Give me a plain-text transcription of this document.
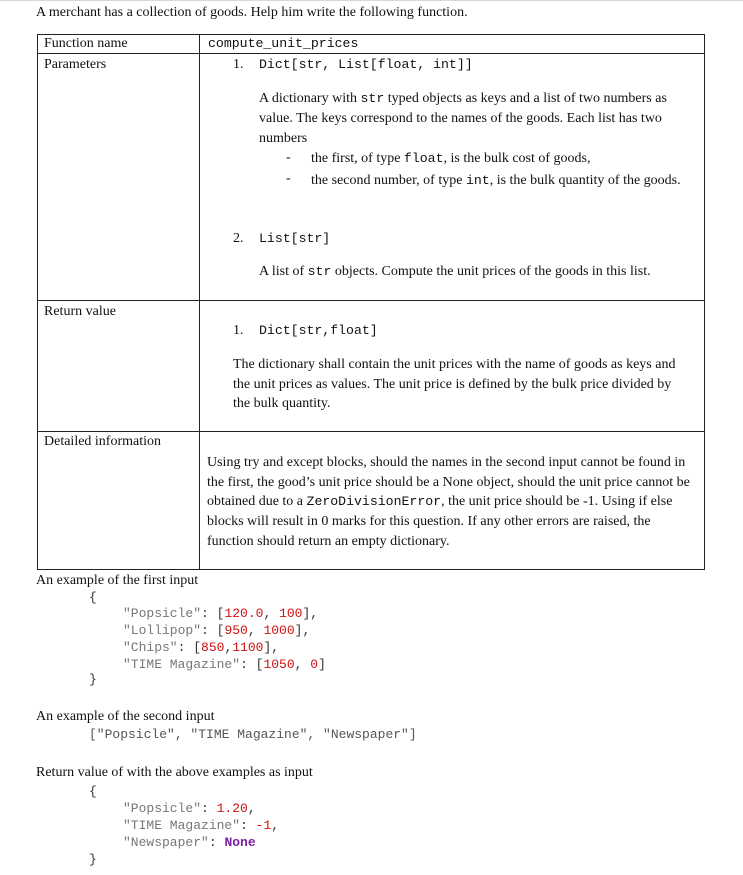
A merchant has a collection of goods. Help him write the following function.
Function name	compute_unit_prices
Parameters	1. Dict[str, List[float, int]]
A dictionary with str typed objects as keys and a list of two numbers as value. The keys correspond to the names of the goods. Each list has two numbers
- the first, of type float, is the bulk cost of goods,
- the second number, of type int, is the bulk quantity of the goods.
2. List[str]
A list of str objects. Compute the unit prices of the goods in this list.
Return value
1. Dict[str,float]
The dictionary shall contain the unit prices with the name of goods as keys and the unit prices as values. The unit price is defined by the bulk price divided by the bulk quantity.
Detailed information
Using try and except blocks, should the names in the second input cannot be found in the first, the good’s unit price should be a None object, should the unit price cannot be obtained due to a ZeroDivisionError, the unit price should be -1. Using if else blocks will result in 0 marks for this question. If any other errors are raised, the function should return an empty dictionary.
An example of the first input
{
"Popsicle": [120.0, 100],
"Lollipop": [950, 1000],
"Chips": [850,1100],
"TIME Magazine": [1050, 0]
}
An example of the second input
["Popsicle", "TIME Magazine", "Newspaper"]
Return value of with the above examples as input
{
"Popsicle": 1.20,
"TIME Magazine": -1,
"Newspaper": None
}
